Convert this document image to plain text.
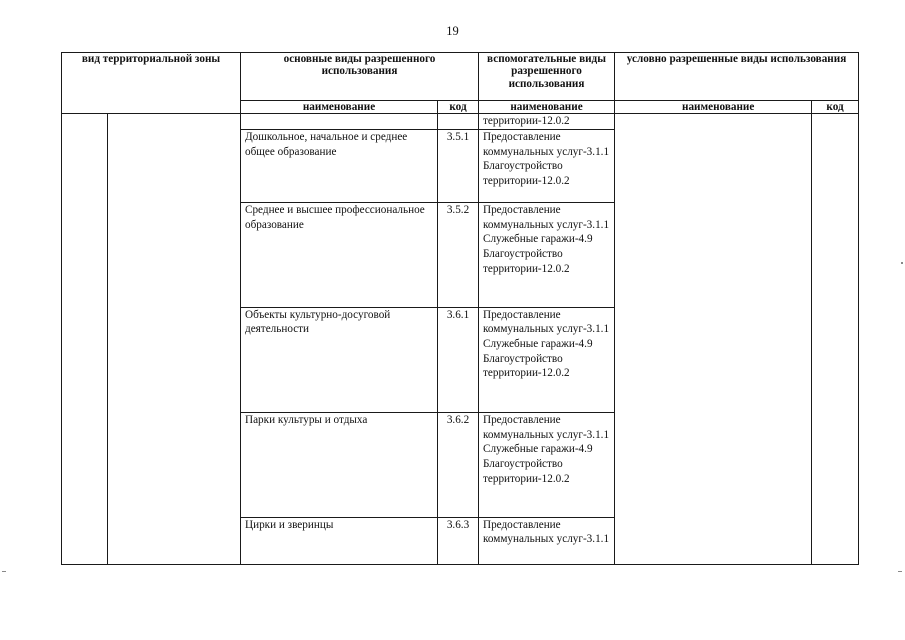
19
вид территориальной зоны		основные виды разрешенного использования		вспомогательные виды разрешенного использования	условно разрешенные виды использования	
		наименование	код	наименование	наименование	код
				территории-12.0.2		
		Дошкольное, начальное и среднее общее образование	3.5.1	Предоставление коммунальных услуг-3.1.1
Благоустройство территории-12.0.2		

		Среднее и высшее профессиональное образование	3.5.2	Предоставление коммунальных услуг-3.1.1
Служебные гаражи-4.9
Благоустройство территории-12.0.2		

		Объекты культурно-досуговой деятельности	3.6.1	Предоставление коммунальных услуг-3.1.1
Служебные гаражи-4.9
Благоустройство территории-12.0.2		

		Парки культуры и отдыха	3.6.2	Предоставление коммунальных услуг-3.1.1
Служебные гаражи-4.9
Благоустройство территории-12.0.2		

		Цирки и зверинцы	3.6.3	Предоставление коммунальных услуг-3.1.1		
